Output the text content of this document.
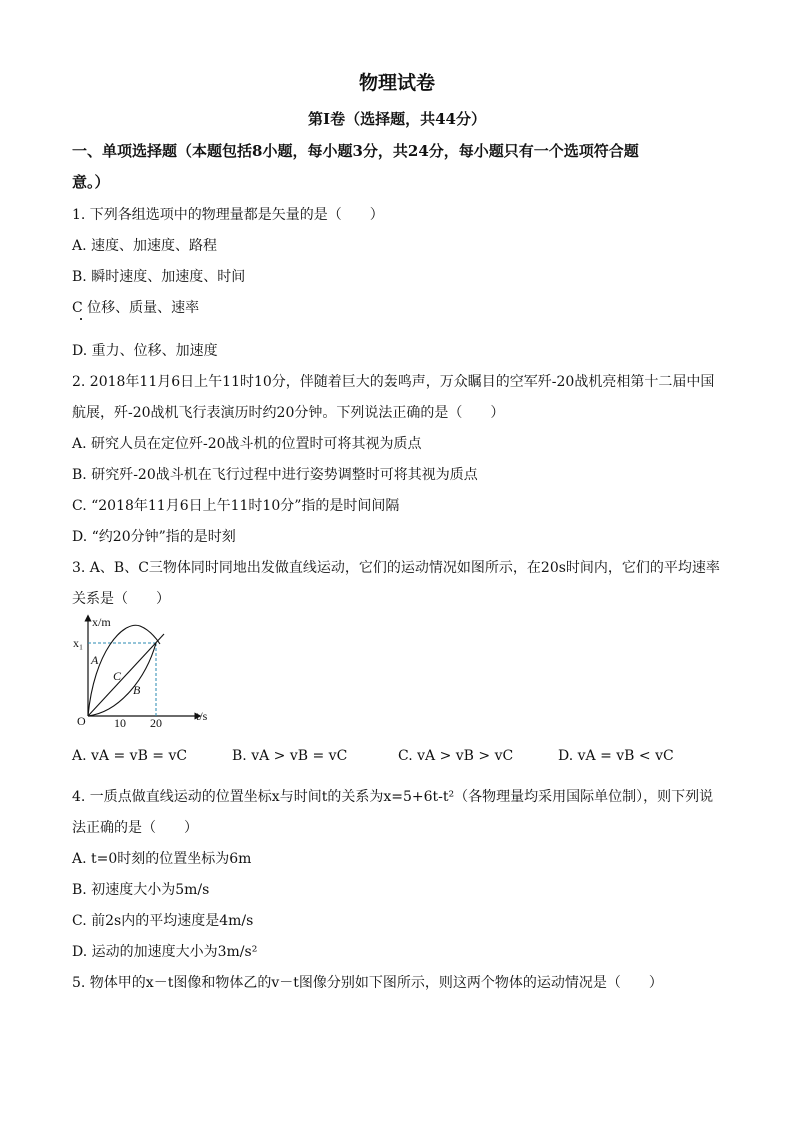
物理试卷
第Ⅰ卷（选择题，共44分）
一、单项选择题（本题包括8小题，每小题3分，共24分，每小题只有一个选项符合题
意。）
1. 下列各组选项中的物理量都是矢量的是（　　）
A. 速度、加速度、路程
B. 瞬时速度、加速度、时间
C 位移、质量、速率
D. 重力、位移、加速度
2. 2018年11月6日上午11时10分，伴随着巨大的轰鸣声，万众瞩目的空军歼-20战机亮相第十二届中国
航展，歼-20战机飞行表演历时约20分钟。下列说法正确的是（　　）
A. 研究人员在定位歼-20战斗机的位置时可将其视为质点
B. 研究歼-20战斗机在飞行过程中进行姿势调整时可将其视为质点
C. “2018年11月6日上午11时10分”指的是时间间隔
D. “约20分钟”指的是时刻
3. A、B、C三物体同时同地出发做直线运动，它们的运动情况如图所示，在20s时间内，它们的平均速率
关系是（　　）
x/m
t/s
O
x₁
10 20
A
C
B
A. vA = vB = vC	B. vA > vB = vC	C. vA > vB > vC	D. vA = vB < vC
4. 一质点做直线运动的位置坐标x与时间t的关系为x=5+6t-t²（各物理量均采用国际单位制），则下列说
法正确的是（　　）
A. t=0时刻的位置坐标为6m
B. 初速度大小为5m/s
C. 前2s内的平均速度是4m/s
D. 运动的加速度大小为3m/s²
5. 物体甲的x－t图像和物体乙的v－t图像分别如下图所示，则这两个物体的运动情况是（　　）
